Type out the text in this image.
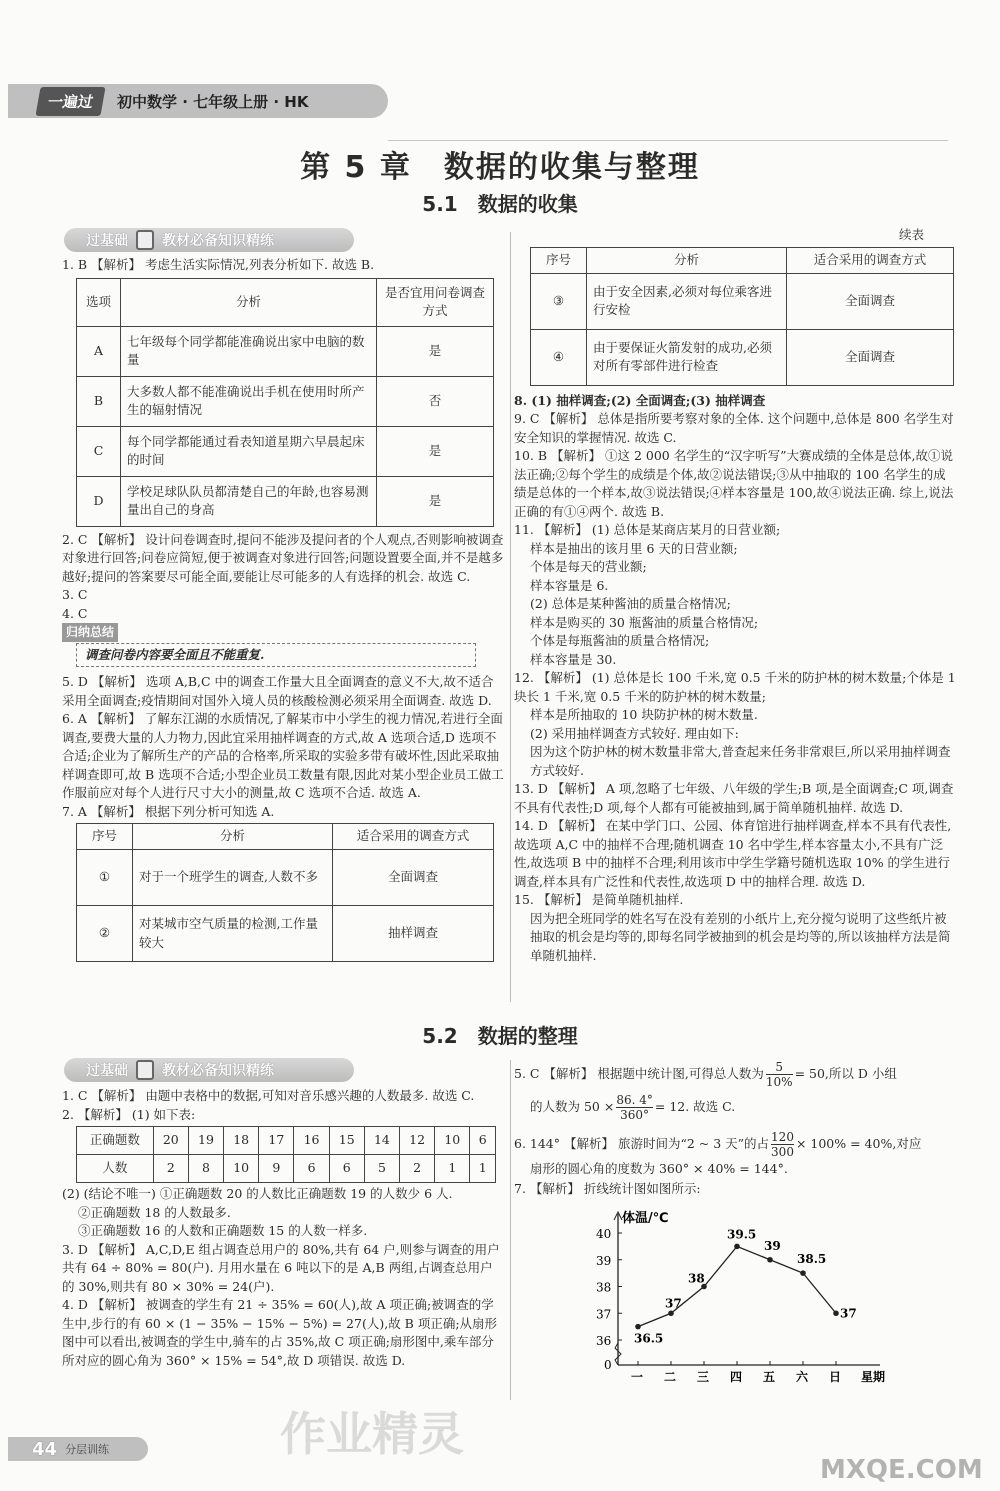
一遍过	初中数学 · 七年级上册 · HK
第 5 章　数据的收集与整理
5.1　数据的收集
过基础 教材必备知识精练
1. B 【解析】 考虑生活实际情况,列表分析如下. 故选 B.
选项	分析	是否宜用问卷调查方式
A	七年级每个同学都能准确说出家中电脑的数量	是
B	大多数人都不能准确说出手机在使用时所产生的辐射情况	否
C	每个同学都能通过看表知道星期六早晨起床的时间	是
D	学校足球队队员都清楚自己的年龄,也容易测量出自己的身高	是
2. C 【解析】 设计问卷调查时,提问不能涉及提问者的个人观点,否则影响被调查对象进行回答;问卷应简短,便于被调查对象进行回答;问题设置要全面,并不是越多越好;提问的答案要尽可能全面,要能让尽可能多的人有选择的机会. 故选 C.
3. C
4. C
归纳总结
调查问卷内容要全面且不能重复.
5. D 【解析】 选项 A,B,C 中的调查工作量大且全面调查的意义不大,故不适合采用全面调查;疫情期间对国外入境人员的核酸检测必须采用全面调查. 故选 D.
6. A 【解析】 了解东江湖的水质情况,了解某市中小学生的视力情况,若进行全面调查,要费大量的人力物力,因此宜采用抽样调查的方式,故 A 选项合适,D 选项不合适;企业为了解所生产的产品的合格率,所采取的实验多带有破坏性,因此采取抽样调查即可,故 B 选项不合适;小型企业员工数量有限,因此对某小型企业员工做工作服前应对每个人进行尺寸大小的测量,故 C 选项不合适. 故选 A.
7. A 【解析】 根据下列分析可知选 A.
序号	分析	适合采用的调查方式
①	对于一个班学生的调查,人数不多	全面调查
②	对某城市空气质量的检测,工作量较大	抽样调查
续表
序号	分析	适合采用的调查方式
③	由于安全因素,必须对每位乘客进行安检	全面调查
④	由于要保证火箭发射的成功,必须对所有零部件进行检查	全面调查
8. (1) 抽样调查;(2) 全面调查;(3) 抽样调查
9. C 【解析】 总体是指所要考察对象的全体. 这个问题中,总体是 800 名学生对安全知识的掌握情况. 故选 C.
10. B 【解析】 ①这 2 000 名学生的“汉字听写”大赛成绩的全体是总体,故①说法正确;②每个学生的成绩是个体,故②说法错误;③从中抽取的 100 名学生的成绩是总体的一个样本,故③说法错误;④样本容量是 100,故④说法正确. 综上,说法正确的有①④两个. 故选 B.
11. 【解析】 (1) 总体是某商店某月的日营业额;
样本是抽出的该月里 6 天的日营业额;
个体是每天的营业额;
样本容量是 6.
(2) 总体是某种酱油的质量合格情况;
样本是购买的 30 瓶酱油的质量合格情况;
个体是每瓶酱油的质量合格情况;
样本容量是 30.
12. 【解析】 (1) 总体是长 100 千米,宽 0.5 千米的防护林的树木数量;个体是 1 块长 1 千米,宽 0.5 千米的防护林的树木数量;
样本是所抽取的 10 块防护林的树木数量.
(2) 采用抽样调查方式较好. 理由如下:
因为这个防护林的树木数量非常大,普查起来任务非常艰巨,所以采用抽样调查方式较好.
13. D 【解析】 A 项,忽略了七年级、八年级的学生;B 项,是全面调查;C 项,调查不具有代表性;D 项,每个人都有可能被抽到,属于简单随机抽样. 故选 D.
14. D 【解析】 在某中学门口、公园、体育馆进行抽样调查,样本不具有代表性,故选项 A,C 中的抽样不合理;随机调查 10 名中学生,样本容量太小,不具有广泛性,故选项 B 中的抽样不合理;利用该市中学生学籍号随机选取 10% 的学生进行调查,样本具有广泛性和代表性,故选项 D 中的抽样合理. 故选 D.
15. 【解析】 是简单随机抽样.
因为把全班同学的姓名写在没有差别的小纸片上,充分搅匀说明了这些纸片被抽取的机会是均等的,即每名同学被抽到的机会是均等的,所以该抽样方法是简单随机抽样.
5.2　数据的整理
过基础 教材必备知识精练
1. C 【解析】 由题中表格中的数据,可知对音乐感兴趣的人数最多. 故选 C.
2. 【解析】 (1) 如下表:
正确题数	20	19	18	17	16	15	14	12	10	6
人数	2	8	10	9	6	6	5	2	1	1
(2) (结论不唯一) ①正确题数 20 的人数比正确题数 19 的人数少 6 人.
②正确题数 18 的人数最多.
③正确题数 16 的人数和正确题数 15 的人数一样多.
3. D 【解析】 A,C,D,E 组占调查总用户的 80%,共有 64 户,则参与调查的用户共有 64 ÷ 80% = 80(户). 月用水量在 6 吨以下的是 A,B 两组,占调查总用户的 30%,则共有 80 × 30% = 24(户).
4. D 【解析】 被调查的学生有 21 ÷ 35% = 60(人),故 A 项正确;被调查的学生中,步行的有 60 × (1 − 35% − 15% − 5%) = 27(人),故 B 项正确;从扇形图中可以看出,被调查的学生中,骑车的占 35%,故 C 项正确;扇形图中,乘车部分所对应的圆心角为 360° × 15% = 54°,故 D 项错误. 故选 D.
5. C 【解析】 根据题中统计图,可得总人数为 $\frac{5}{10\%} = 50$,所以 D 小组
的人数为 $50 \times \frac{86. 4^\circ}{360^\circ} = 12$. 故选 C.
6. 144° 【解析】 旅游时间为“2 ~ 3 天”的占 $\frac{120}{300} \times 100\% = 40\%$,对应
扇形的圆心角的度数为 360° × 40% = 144°.
7. 【解析】 折线统计图如图所示:
体温/℃
0
36
37
38
39
40
一 二 三 四 五 六 日 星期
36.5
37
38
39.5
39
38.5
37
44 分层训练	作业精灵
MXQE.COM
